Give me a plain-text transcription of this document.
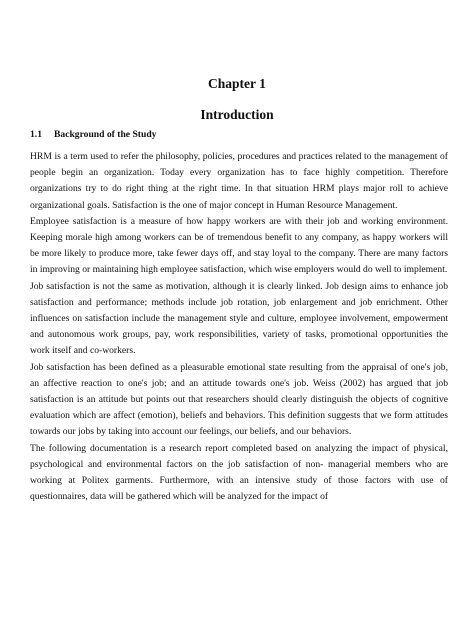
Chapter 1
Introduction
1.1 Background of the Study

HRM is a term used to refer the philosophy, policies, procedures and practices related to the management of people begin an organization. Today every organization has to face highly competition. Therefore organizations try to do right thing at the right time. In that situation HRM plays major roll to achieve organizational goals. Satisfaction is the one of major concept in Human Resource Management.

Employee satisfaction is a measure of how happy workers are with their job and working environment. Keeping morale high among workers can be of tremendous benefit to any company, as happy workers will be more likely to produce more, take fewer days off, and stay loyal to the company. There are many factors in improving or maintaining high employee satisfaction, which wise employers would do well to implement.

Job satisfaction is not the same as motivation, although it is clearly linked. Job design aims to enhance job satisfaction and performance; methods include job rotation, job enlargement and job enrichment. Other influences on satisfaction include the management style and culture, employee involvement, empowerment and autonomous work groups, pay, work responsibilities, variety of tasks, promotional opportunities the work itself and co-workers.

Job satisfaction has been defined as a pleasurable emotional state resulting from the appraisal of one's job, an affective reaction to one's job; and an attitude towards one's job. Weiss (2002) has argued that job satisfaction is an attitude but points out that researchers should clearly distinguish the objects of cognitive evaluation which are affect (emotion), beliefs and behaviors. This definition suggests that we form attitudes towards our jobs by taking into account our feelings, our beliefs, and our behaviors.

The following documentation is a research report completed based on analyzing the impact of physical, psychological and environmental factors on the job satisfaction of non- managerial members who are working at Politex garments. Furthermore, with an intensive study of those factors with use of questionnaires, data will be gathered which will be analyzed for the impact of
